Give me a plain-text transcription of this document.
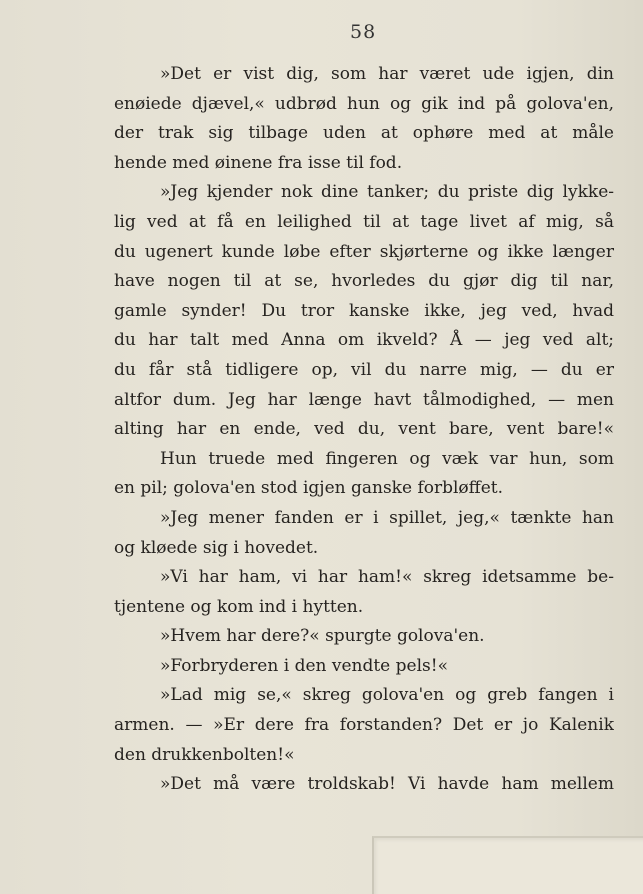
58
»Det er vist dig, som har været ude igjen, din
enøiede djævel,« udbrød hun og gik ind på golova'en,
der trak sig tilbage uden at ophøre med at måle
hende med øinene fra isse til fod.
»Jeg kjender nok dine tanker; du priste dig lykke-
lig ved at få en leilighed til at tage livet af mig, så
du ugenert kunde løbe efter skjørterne og ikke længer
have nogen til at se, hvorledes du gjør dig til nar,
gamle synder! Du tror kanske ikke, jeg ved, hvad
du har talt med Anna om ikveld? Å — jeg ved alt;
du får stå tidligere op, vil du narre mig, — du er
altfor dum. Jeg har længe havt tålmodighed, — men
alting har en ende, ved du, vent bare, vent bare!«
Hun truede med fingeren og væk var hun, som
en pil; golova'en stod igjen ganske forbløffet.
»Jeg mener fanden er i spillet, jeg,« tænkte han
og kløede sig i hovedet.
»Vi har ham, vi har ham!« skreg idetsamme be-
tjentene og kom ind i hytten.
»Hvem har dere?« spurgte golova'en.
»Forbryderen i den vendte pels!«
»Lad mig se,« skreg golova'en og greb fangen i
armen. — »Er dere fra forstanden? Det er jo Kalenik
den drukkenbolten!«
»Det må være troldskab! Vi havde ham mellem
